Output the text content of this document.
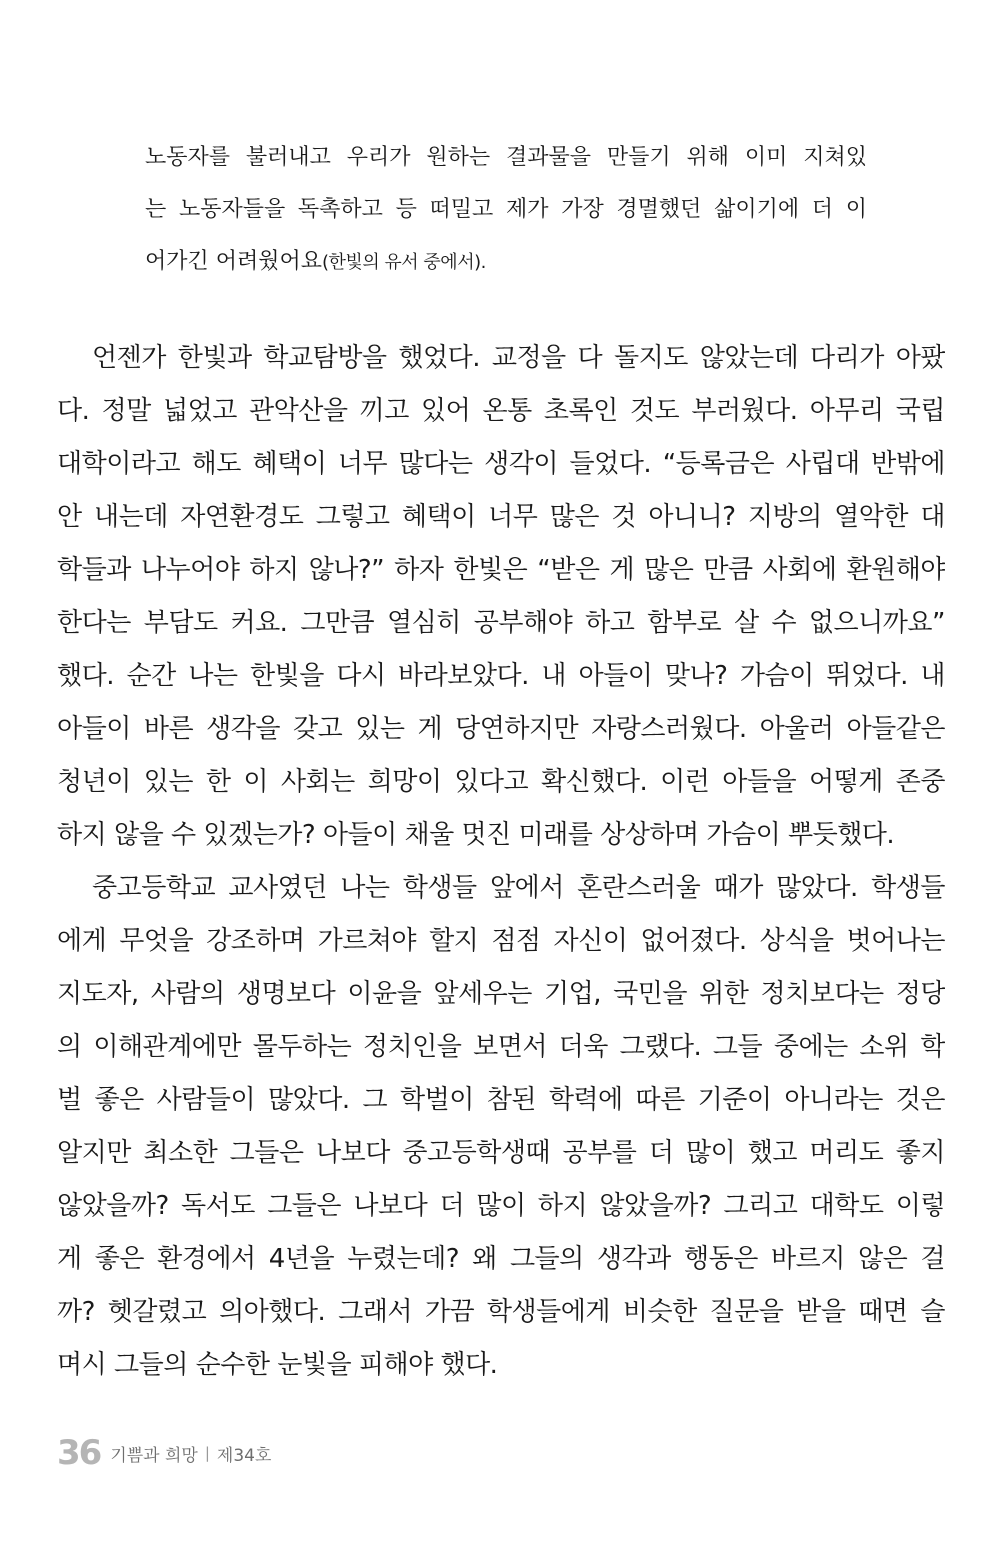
노동자를 불러내고 우리가 원하는 결과물을 만들기 위해 이미 지쳐있
는 노동자들을 독촉하고 등 떠밀고 제가 가장 경멸했던 삶이기에 더 이
어가긴 어려웠어요(한빛의 유서 중에서).
언젠가 한빛과 학교탐방을 했었다. 교정을 다 돌지도 않았는데 다리가 아팠
다. 정말 넓었고 관악산을 끼고 있어 온통 초록인 것도 부러웠다. 아무리 국립
대학이라고 해도 혜택이 너무 많다는 생각이 들었다. “등록금은 사립대 반밖에
안 내는데 자연환경도 그렇고 혜택이 너무 많은 것 아니니? 지방의 열악한 대
학들과 나누어야 하지 않나?” 하자 한빛은 “받은 게 많은 만큼 사회에 환원해야
한다는 부담도 커요. 그만큼 열심히 공부해야 하고 함부로 살 수 없으니까요”
했다. 순간 나는 한빛을 다시 바라보았다. 내 아들이 맞나? 가슴이 뛰었다. 내
아들이 바른 생각을 갖고 있는 게 당연하지만 자랑스러웠다. 아울러 아들같은
청년이 있는 한 이 사회는 희망이 있다고 확신했다. 이런 아들을 어떻게 존중
하지 않을 수 있겠는가? 아들이 채울 멋진 미래를 상상하며 가슴이 뿌듯했다.
중고등학교 교사였던 나는 학생들 앞에서 혼란스러울 때가 많았다. 학생들
에게 무엇을 강조하며 가르쳐야 할지 점점 자신이 없어졌다. 상식을 벗어나는
지도자, 사람의 생명보다 이윤을 앞세우는 기업, 국민을 위한 정치보다는 정당
의 이해관계에만 몰두하는 정치인을 보면서 더욱 그랬다. 그들 중에는 소위 학
벌 좋은 사람들이 많았다. 그 학벌이 참된 학력에 따른 기준이 아니라는 것은
알지만 최소한 그들은 나보다 중고등학생때 공부를 더 많이 했고 머리도 좋지
않았을까? 독서도 그들은 나보다 더 많이 하지 않았을까? 그리고 대학도 이렇
게 좋은 환경에서 4년을 누렸는데? 왜 그들의 생각과 행동은 바르지 않은 걸
까? 헷갈렸고 의아했다. 그래서 가끔 학생들에게 비슷한 질문을 받을 때면 슬
며시 그들의 순수한 눈빛을 피해야 했다.
36 기쁨과 희망 | 제34호
